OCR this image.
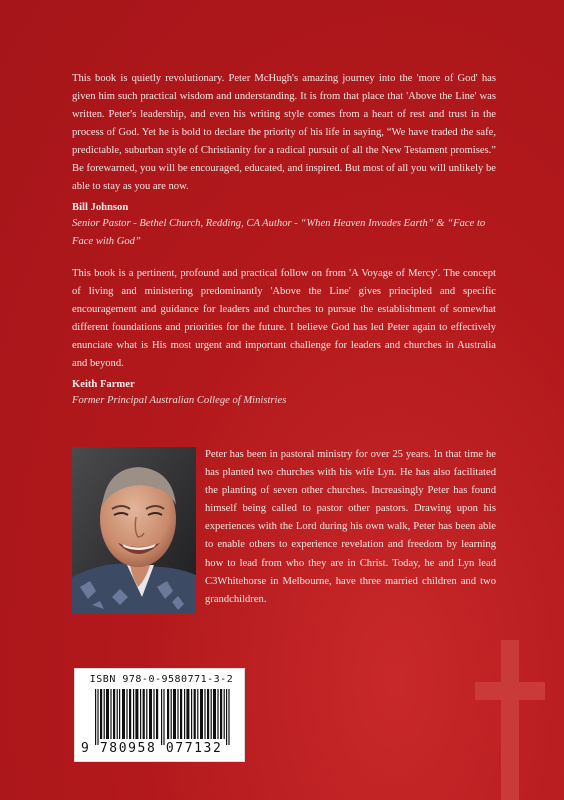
This book is quietly revolutionary. Peter McHugh's amazing journey into the 'more of God' has given him such practical wisdom and understanding. It is from that place that 'Above the Line' was written. Peter's leadership, and even his writing style comes from a heart of rest and trust in the process of God. Yet he is bold to declare the priority of his life in saying, “We have traded the safe, predictable, suburban style of Christianity for a radical pursuit of all the New Testament promises.” Be forewarned, you will be encouraged, educated, and inspired. But most of all you will unlikely be able to stay as you are now.

Bill Johnson

Senior Pastor - Bethel Church, Redding, CA Author - “When Heaven Invades Earth” & “Face to Face with God”

This book is a pertinent, profound and practical follow on from 'A Voyage of Mercy'. The concept of living and ministering predominantly 'Above the Line' gives principled and specific encouragement and guidance for leaders and churches to pursue the establishment of somewhat different foundations and priorities for the future. I believe God has led Peter again to effectively enunciate what is His most urgent and important challenge for leaders and churches in Australia and beyond.

Keith Farmer

Former Principal Australian College of Ministries

Peter has been in pastoral ministry for over 25 years. In that time he has planted two churches with his wife Lyn. He has also facilitated the planting of seven other churches. Increasingly Peter has found himself being called to pastor other pastors. Drawing upon his experiences with the Lord during his own walk, Peter has been able to enable others to experience revelation and freedom by learning how to lead from who they are in Christ. Today, he and Lyn lead C3Whitehorse in Melbourne, have three married children and two grandchildren.

ISBN 978-0-9580771-3-2
9 780958 077132
